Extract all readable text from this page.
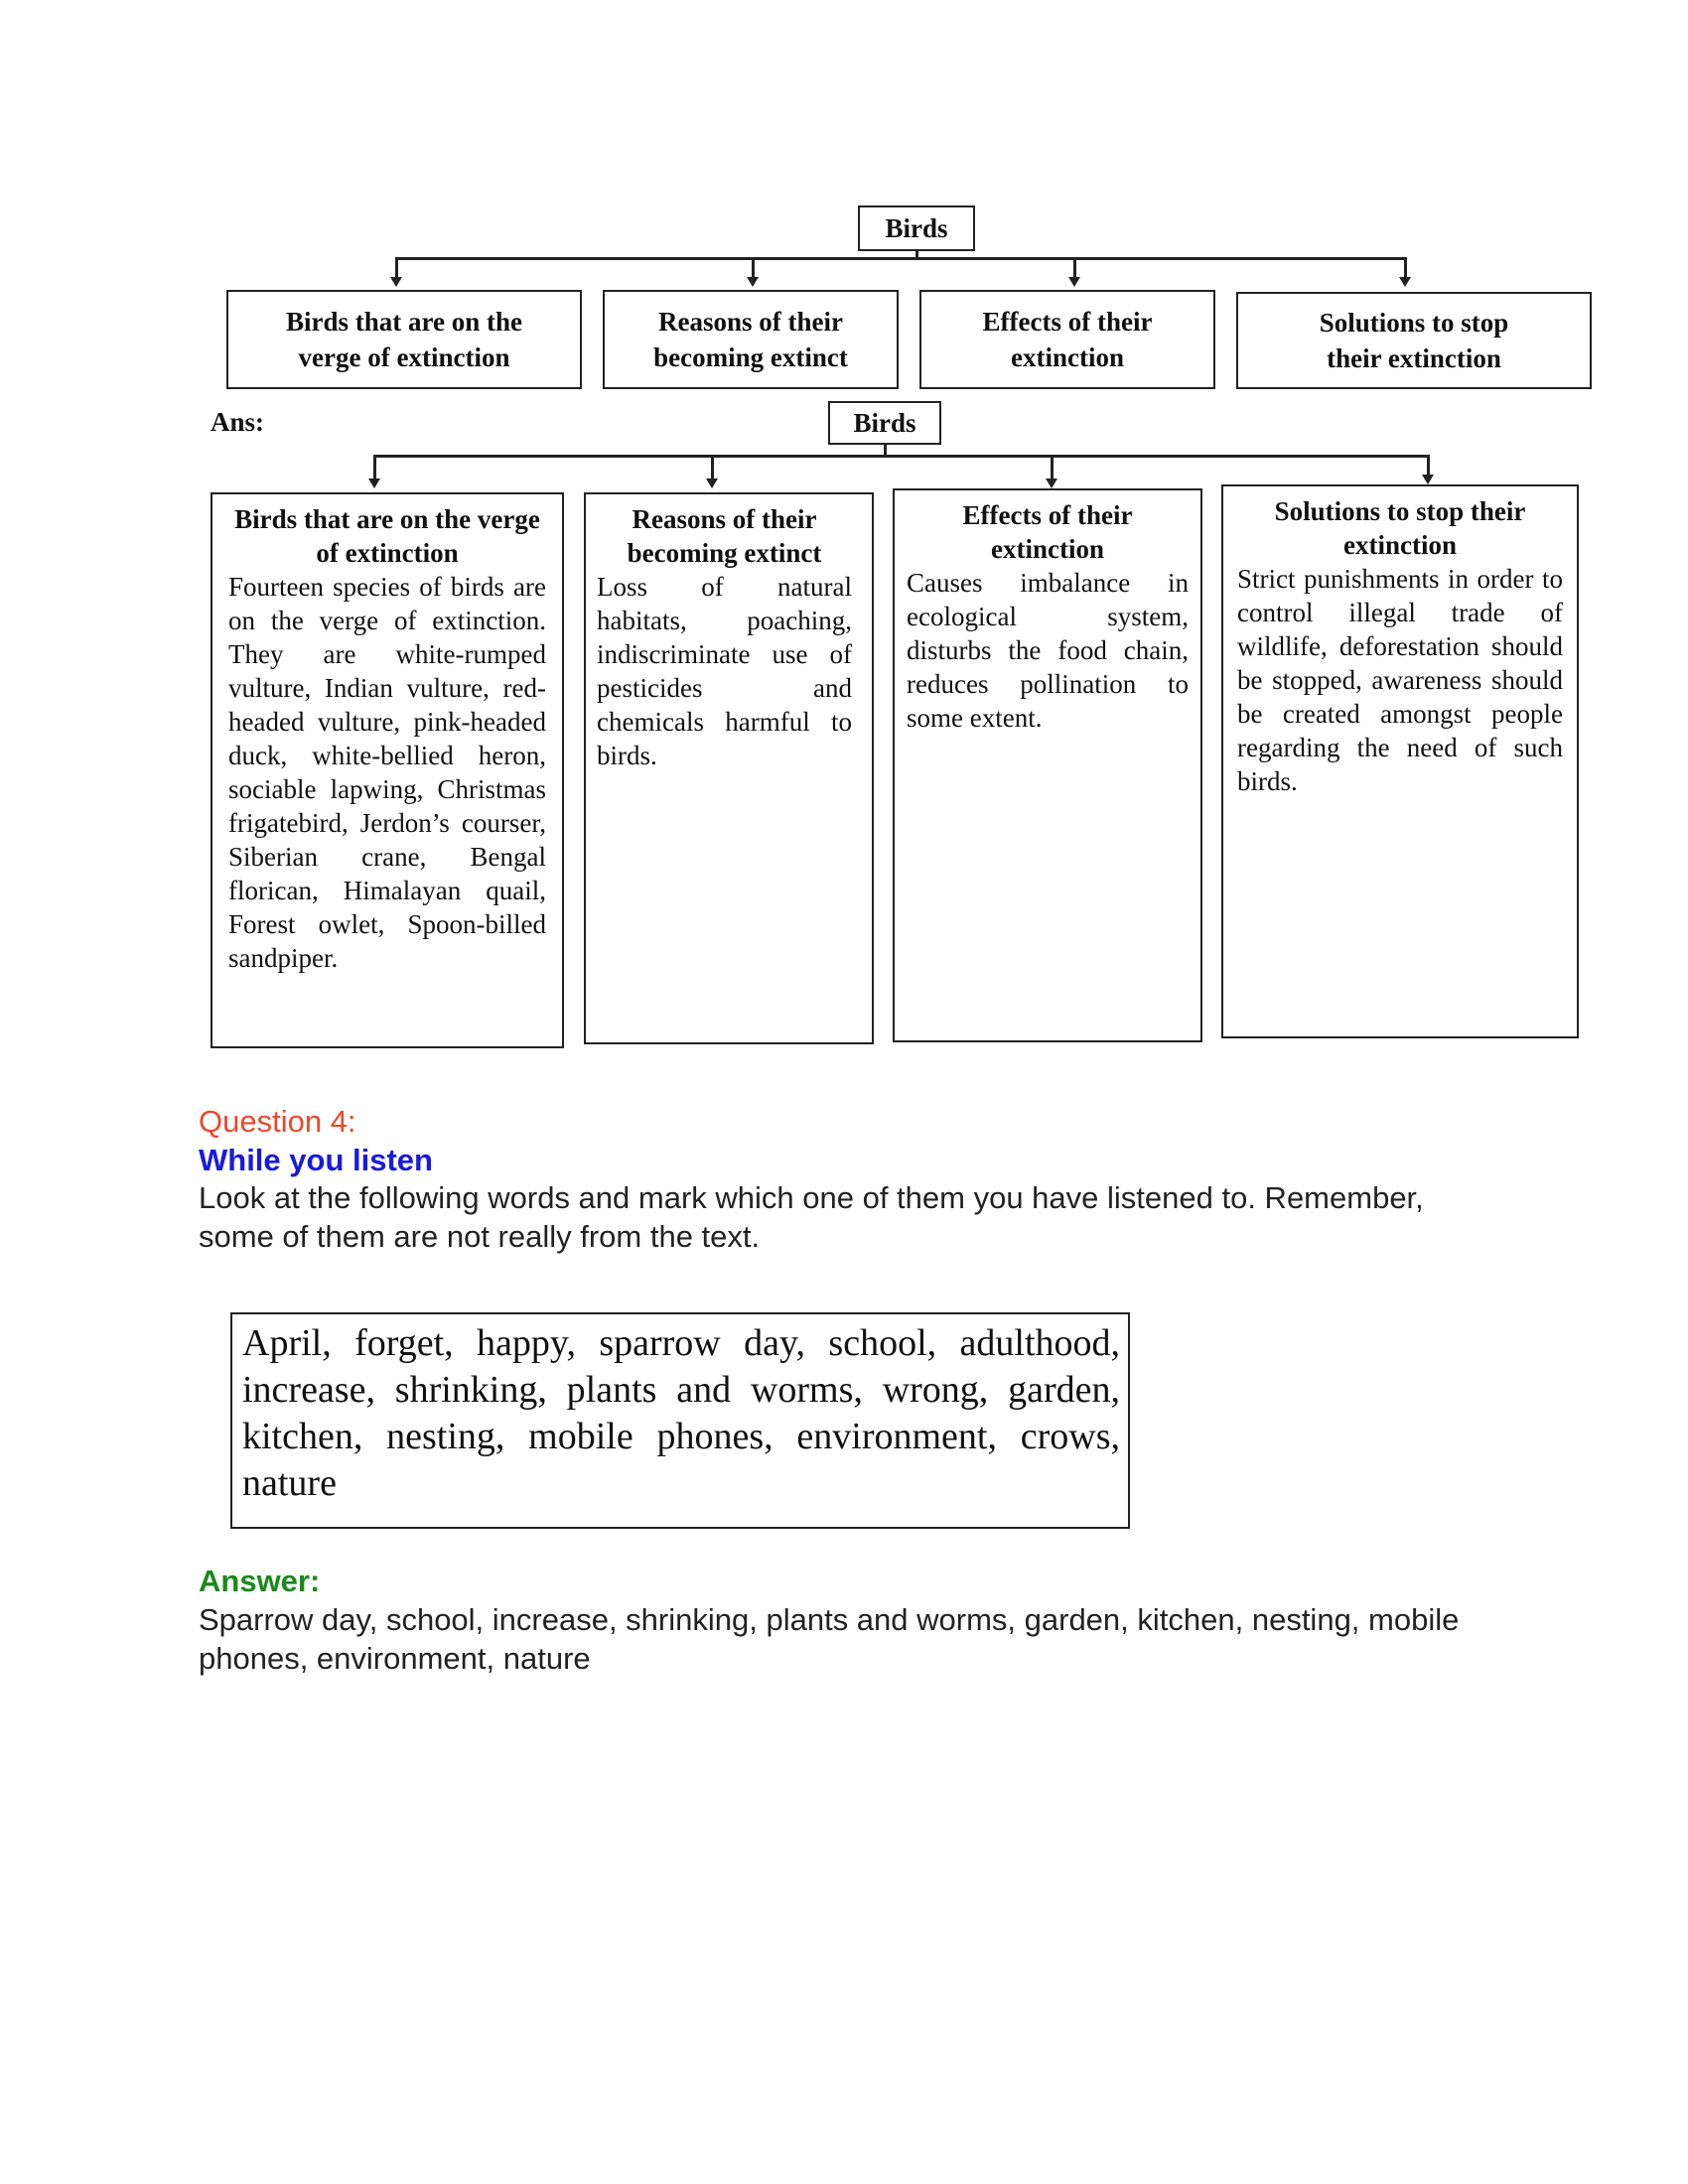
Birds
Birds that are on the verge of extinction
Reasons of their becoming extinct
Effects of their extinction
Solutions to stop their extinction
Ans:	Birds
Birds that are on the verge of extinction
Fourteen species of birds are on the verge of extinction. They are white-rumped vulture, Indian vulture, red-headed vulture, pink-headed duck, white-bellied heron, sociable lapwing, Christmas frigatebird, Jerdon’s courser, Siberian crane, Bengal florican, Himalayan quail, Forest owlet, Spoon-billed sandpiper.
Reasons of their becoming extinct
Loss of natural habitats, poaching, indiscriminate use of pesticides and chemicals harmful to birds.
Effects of their extinction
Causes imbalance in ecological system, disturbs the food chain, reduces pollination to some extent.
Solutions to stop their extinction
Strict punishments in order to control illegal trade of wildlife, deforestation should be stopped, awareness should be created amongst people regarding the need of such birds.
Question 4:
While you listen
Look at the following words and mark which one of them you have listened to. Remember, some of them are not really from the text.
April, forget, happy, sparrow day, school, adulthood, increase, shrinking, plants and worms, wrong, garden, kitchen, nesting, mobile phones, environment, crows, nature
Answer:
Sparrow day, school, increase, shrinking, plants and worms, garden, kitchen, nesting, mobile phones, environment, nature
